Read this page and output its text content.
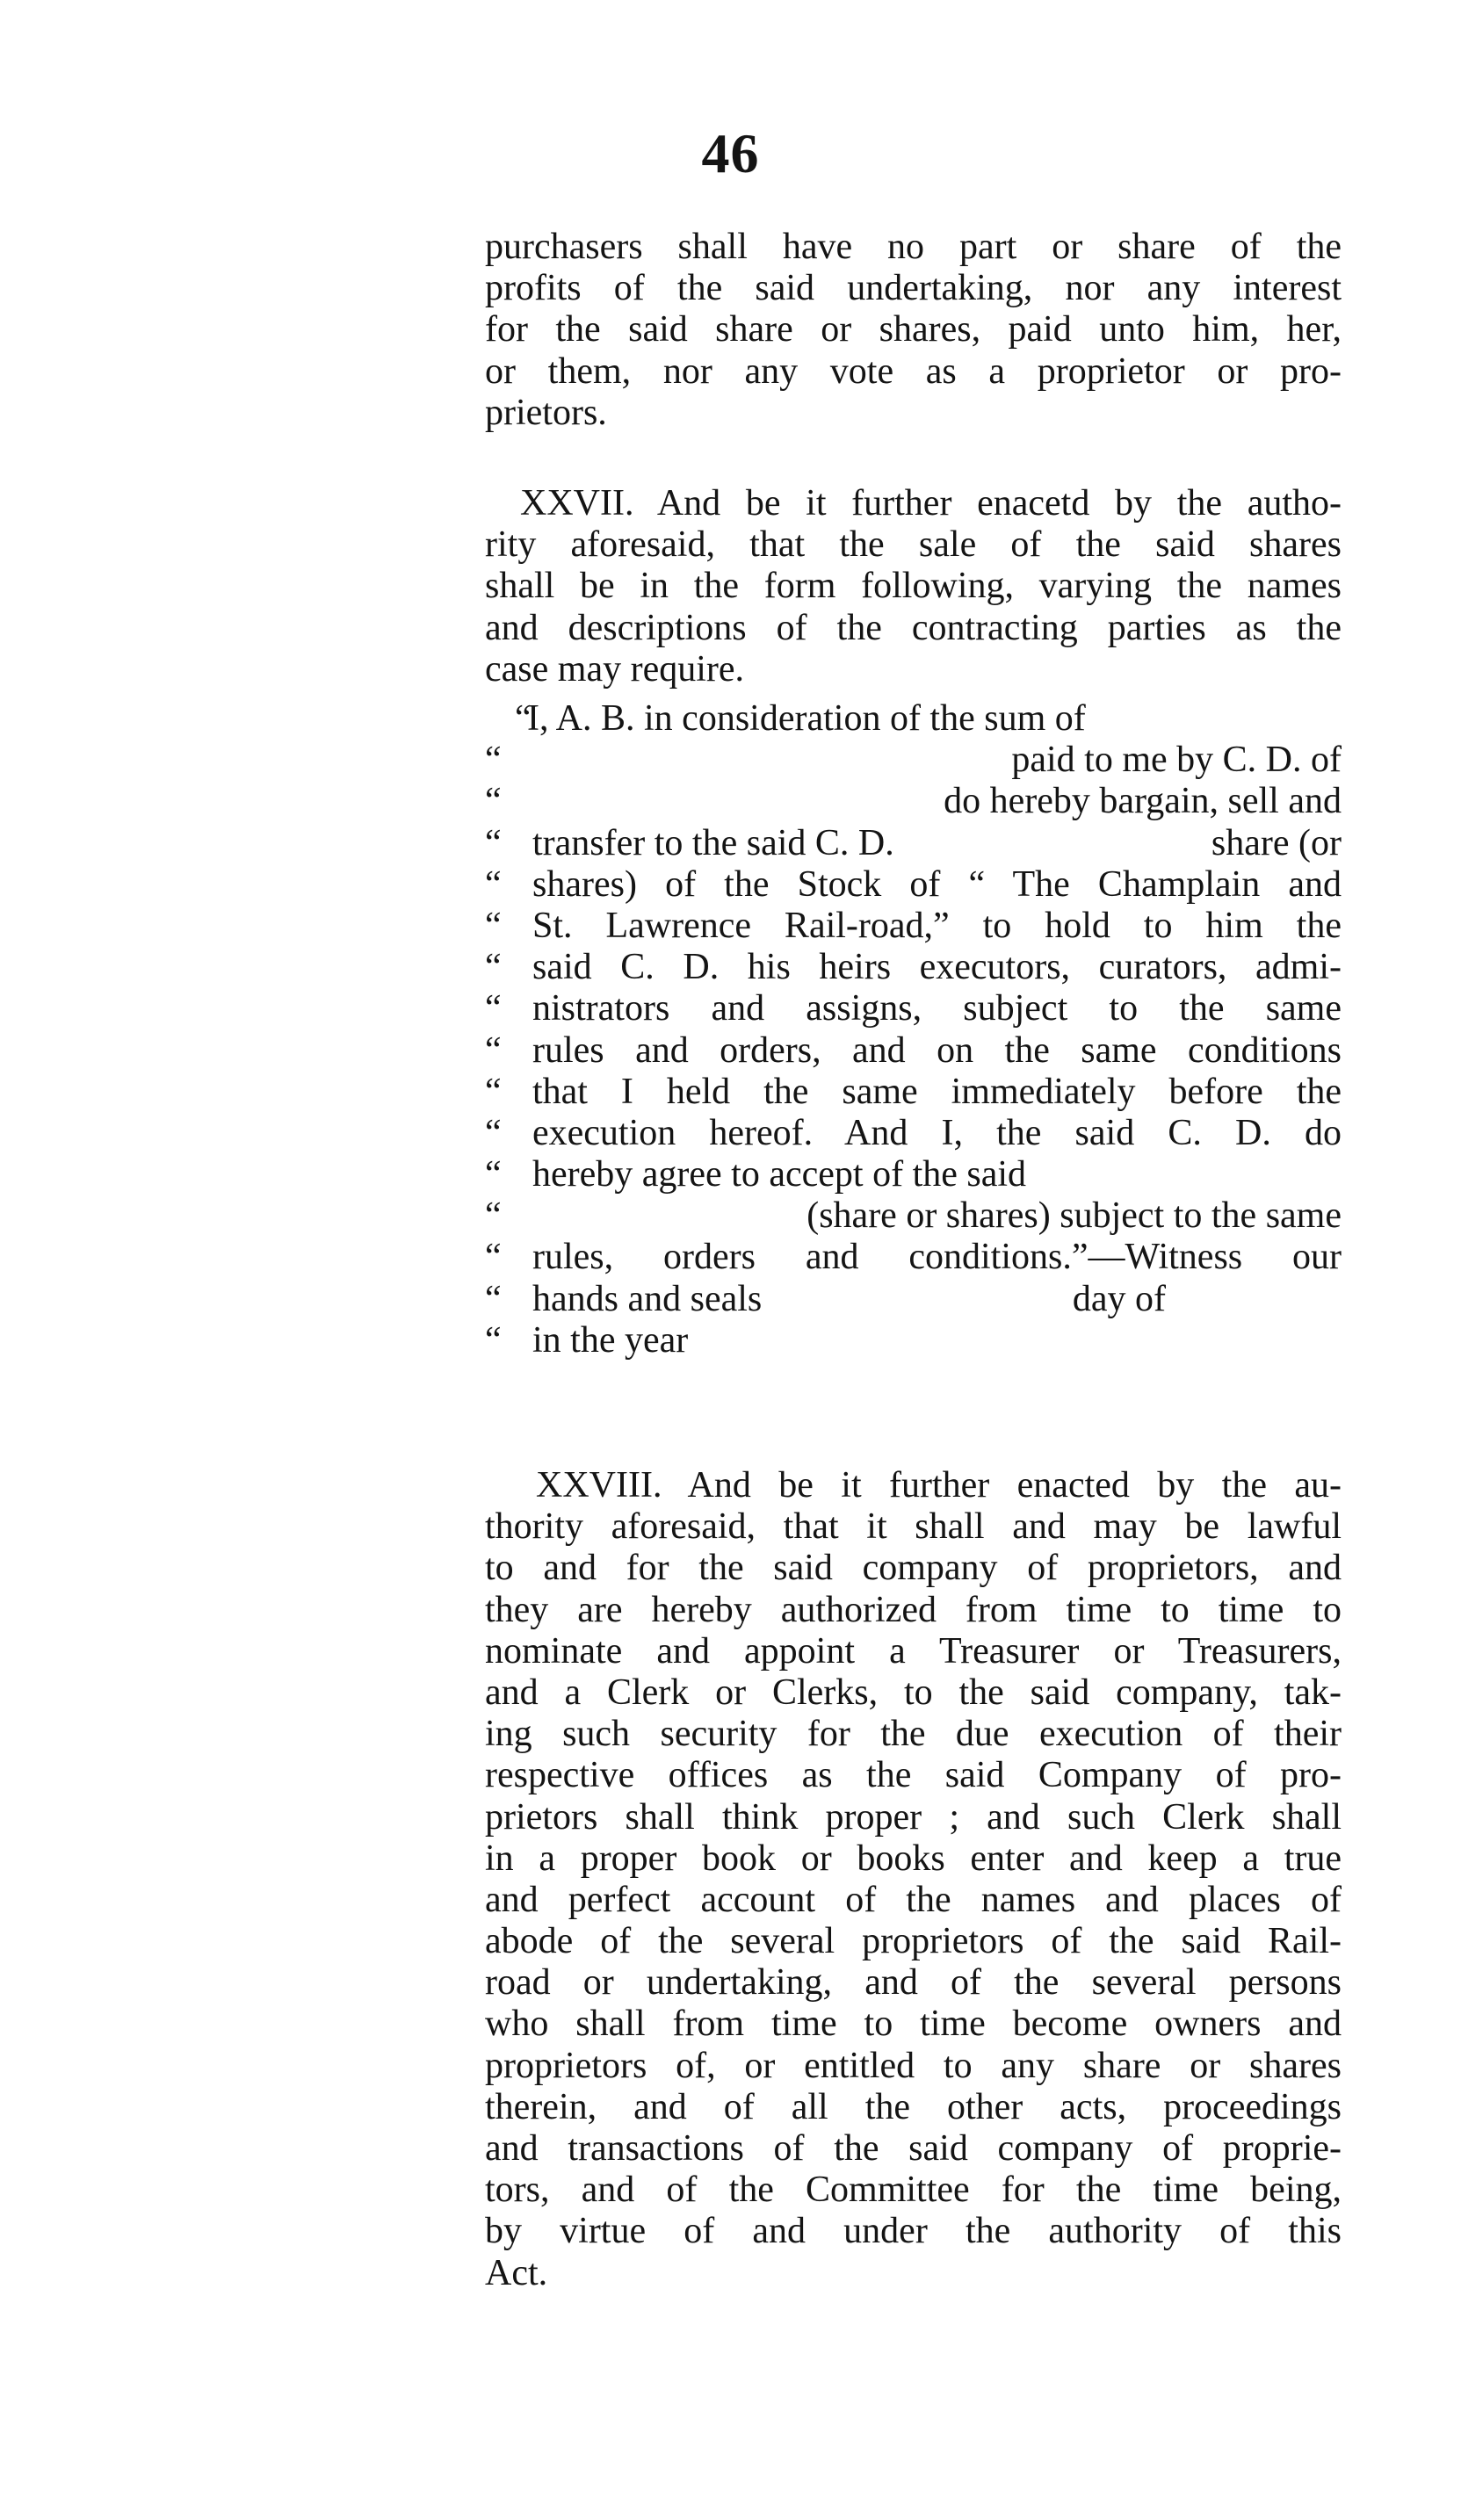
46
purchasers shall have no part or share of the
profits of the said undertaking, nor any interest
for the said share or shares, paid unto him, her,
or them, nor any vote as a proprietor or pro-
prietors.
XXVII. And be it further enacetd by the autho-
rity aforesaid, that the sale of the said shares
shall be in the form following, varying the names
and descriptions of the contracting parties as the
case may require.
I, A. B. in consideration of the sum of
“
“	paid to me by C. D. of
“	do hereby bargain, sell and
“ transfer to the said C. D.	share (or
“ shares) of the Stock of “ The Champlain and
“ St. Lawrence Rail-road,” to hold to him the
“ said C. D. his heirs executors, curators, admi-
“ nistrators and assigns, subject to the same
“ rules and orders, and on the same conditions
“ that I held the same immediately before the
“ execution hereof. And I, the said C. D. do
“ hereby agree to accept of the said
“	(share or shares) subject to the same
“ rules, orders and conditions.”—Witness our
“ hands and seals	day of
“ in the year
XXVIII. And be it further enacted by the au-
thority aforesaid, that it shall and may be lawful
to and for the said company of proprietors, and
they are hereby authorized from time to time to
nominate and appoint a Treasurer or Treasurers,
and a Clerk or Clerks, to the said company, tak-
ing such security for the due execution of their
respective offices as the said Company of pro-
prietors shall think proper ; and such Clerk shall
in a proper book or books enter and keep a true
and perfect account of the names and places of
abode of the several proprietors of the said Rail-
road or undertaking, and of the several persons
who shall from time to time become owners and
proprietors of, or entitled to any share or shares
therein, and of all the other acts, proceedings
and transactions of the said company of proprie-
tors, and of the Committee for the time being,
by virtue of and under the authority of this
Act.
